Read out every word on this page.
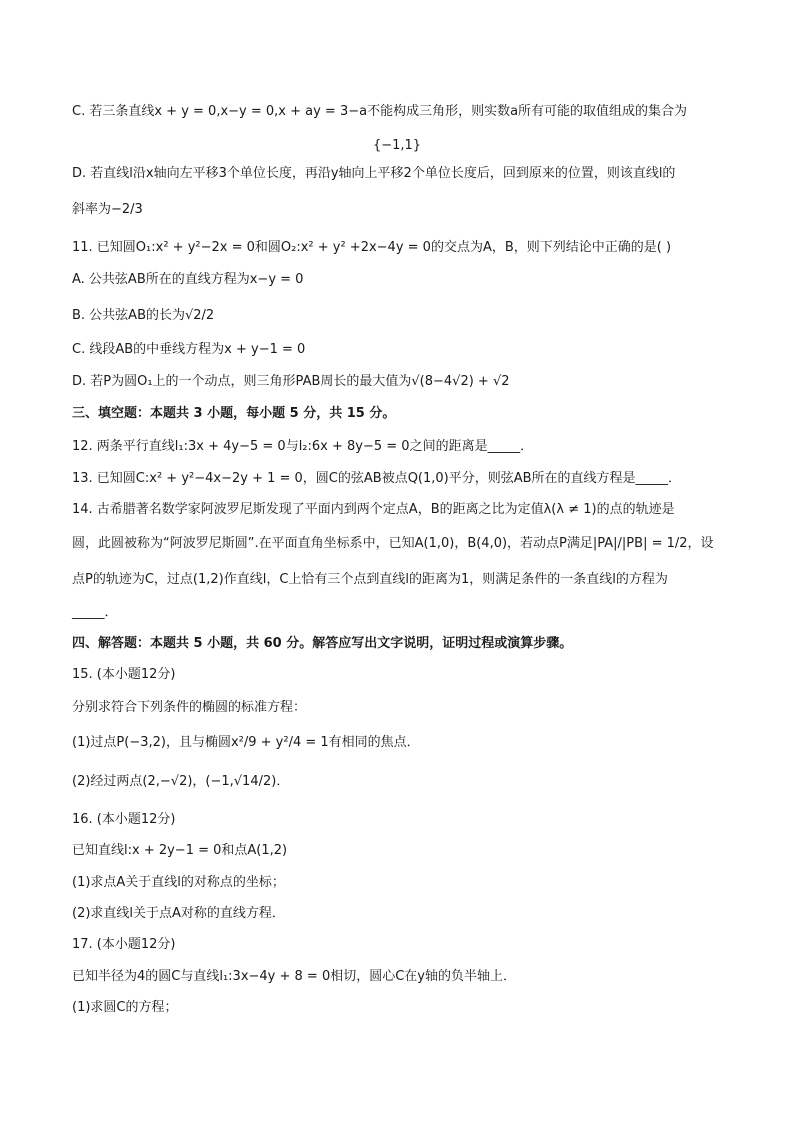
C. 若三条直线x + y = 0,x−y = 0,x + ay = 3−a不能构成三角形，则实数a所有可能的取值组成的集合为
{−1,1}
D. 若直线l沿x轴向左平移3个单位长度，再沿y轴向上平移2个单位长度后，回到原来的位置，则该直线l的
斜率为−2/3
11. 已知圆O₁:x² + y²−2x = 0和圆O₂:x² + y² +2x−4y = 0的交点为A，B，则下列结论中正确的是( )
A. 公共弦AB所在的直线方程为x−y = 0
B. 公共弦AB的长为√2/2
C. 线段AB的中垂线方程为x + y−1 = 0
D. 若P为圆O₁上的一个动点，则三角形PAB周长的最大值为√(8−4√2) + √2
三、填空题：本题共 3 小题，每小题 5 分，共 15 分。
12. 两条平行直线l₁:3x + 4y−5 = 0与l₂:6x + 8y−5 = 0之间的距离是_____．
13. 已知圆C:x² + y²−4x−2y + 1 = 0，圆C的弦AB被点Q(1,0)平分，则弦AB所在的直线方程是_____．
14. 古希腊著名数学家阿波罗尼斯发现了平面内到两个定点A，B的距离之比为定值λ(λ ≠ 1)的点的轨迹是
圆，此圆被称为“阿波罗尼斯圆”.在平面直角坐标系中，已知A(1,0)，B(4,0)，若动点P满足|PA|/|PB| = 1/2，设
点P的轨迹为C，过点(1,2)作直线l，C上恰有三个点到直线l的距离为1，则满足条件的一条直线l的方程为
_____．
四、解答题：本题共 5 小题，共 60 分。解答应写出文字说明，证明过程或演算步骤。
15. (本小题12分)
分别求符合下列条件的椭圆的标准方程：
(1)过点P(−3,2)，且与椭圆x²/9 + y²/4 = 1有相同的焦点．
(2)经过两点(2,−√2)，(−1,√14/2)．
16. (本小题12分)
已知直线l:x + 2y−1 = 0和点A(1,2)
(1)求点A关于直线l的对称点的坐标；
(2)求直线l关于点A对称的直线方程．
17. (本小题12分)
已知半径为4的圆C与直线l₁:3x−4y + 8 = 0相切，圆心C在y轴的负半轴上．
(1)求圆C的方程；
